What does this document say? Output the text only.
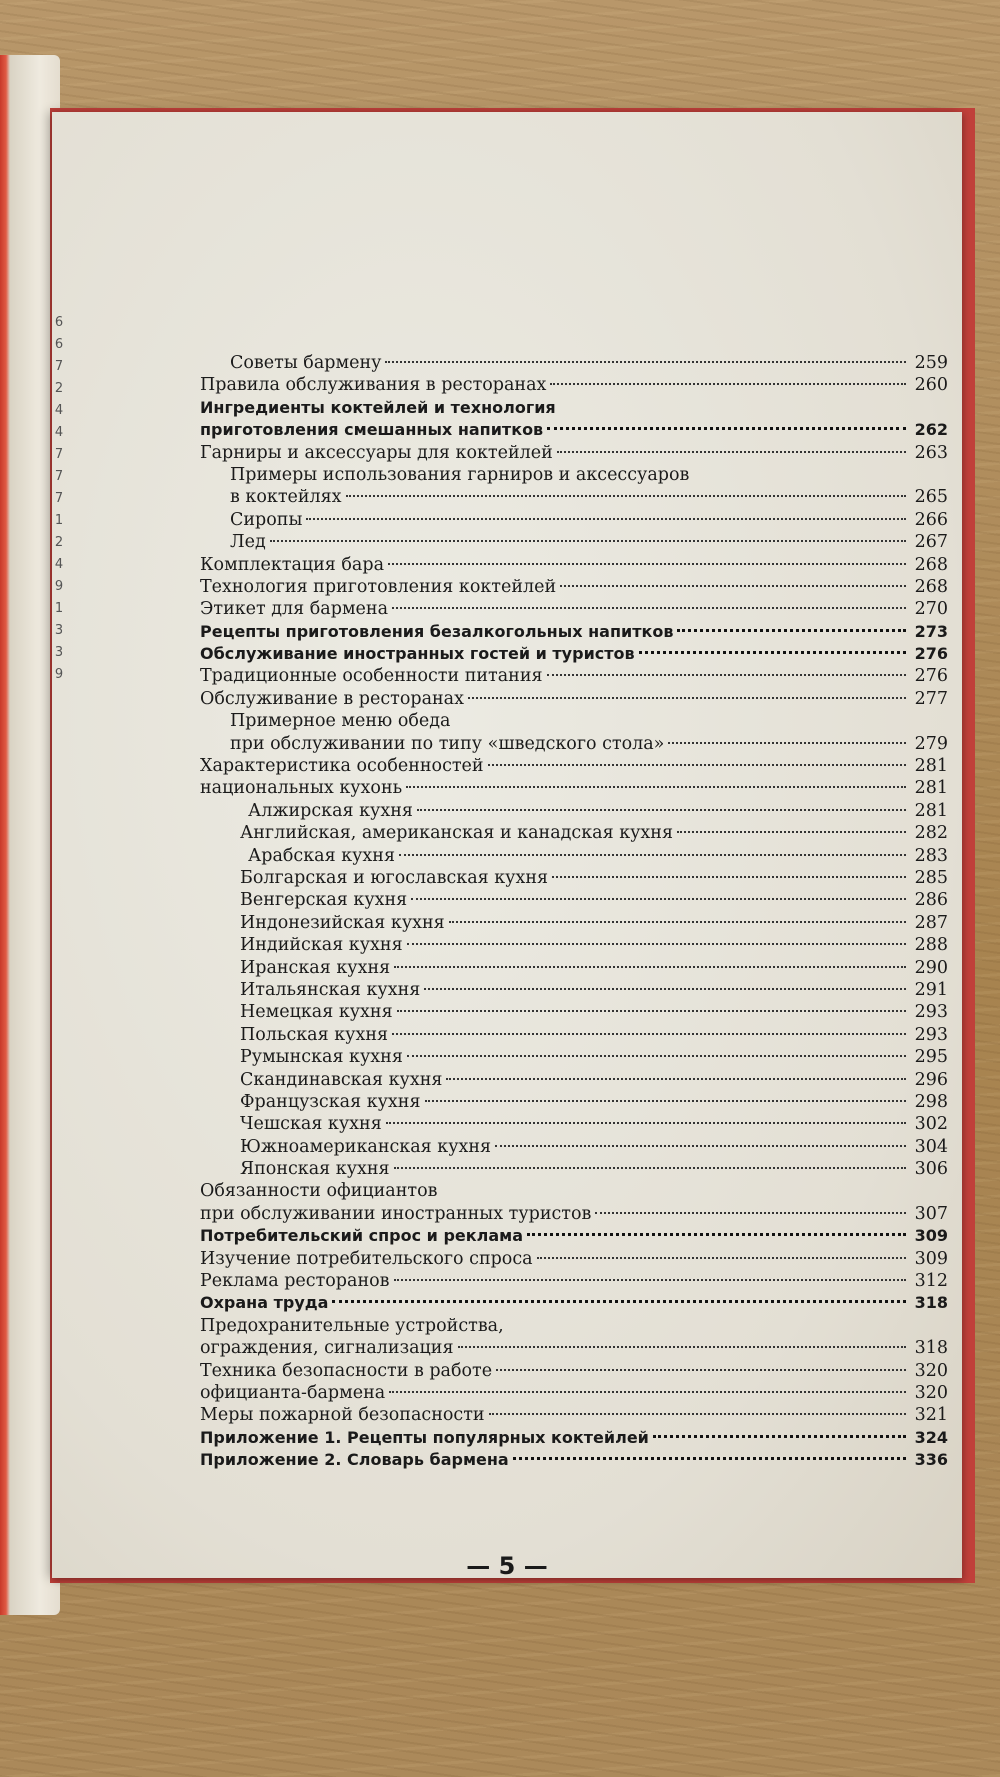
6
6
7
2
4
4
7
7
7
1
2
4
9
1
3
3
9
Советы бармену	259
Правила обслуживания в ресторанах	260
Ингредиенты коктейлей и технология
приготовления смешанных напитков	262
Гарниры и аксессуары для коктейлей	263
Примеры использования гарниров и аксессуаров
в коктейлях	265
Сиропы	266
Лед	267
Комплектация бара	268
Технология приготовления коктейлей	268
Этикет для бармена	270
Рецепты приготовления безалкогольных напитков	273
Обслуживание иностранных гостей и туристов	276
Традиционные особенности питания	276
Обслуживание в ресторанах	277
Примерное меню обеда
при обслуживании по типу «шведского стола»	279
Характеристика особенностей	281
национальных кухонь	281
Алжирская кухня	281
Английская, американская и канадская кухня	282
Арабская кухня	283
Болгарская и югославская кухня	285
Венгерская кухня	286
Индонезийская кухня	287
Индийская кухня	288
Иранская кухня	290
Итальянская кухня	291
Немецкая кухня	293
Польская кухня	293
Румынская кухня	295
Скандинавская кухня	296
Французская кухня	298
Чешская кухня	302
Южноамериканская кухня	304
Японская кухня	306
Обязанности официантов
при обслуживании иностранных туристов	307
Потребительский спрос и реклама	309
Изучение потребительского спроса	309
Реклама ресторанов	312
Охрана труда	318
Предохранительные устройства,
ограждения, сигнализация	318
Техника безопасности в работе	320
официанта-бармена	320
Меры пожарной безопасности	321
Приложение 1. Рецепты популярных коктейлей	324
Приложение 2. Словарь бармена	336
— 5 —
